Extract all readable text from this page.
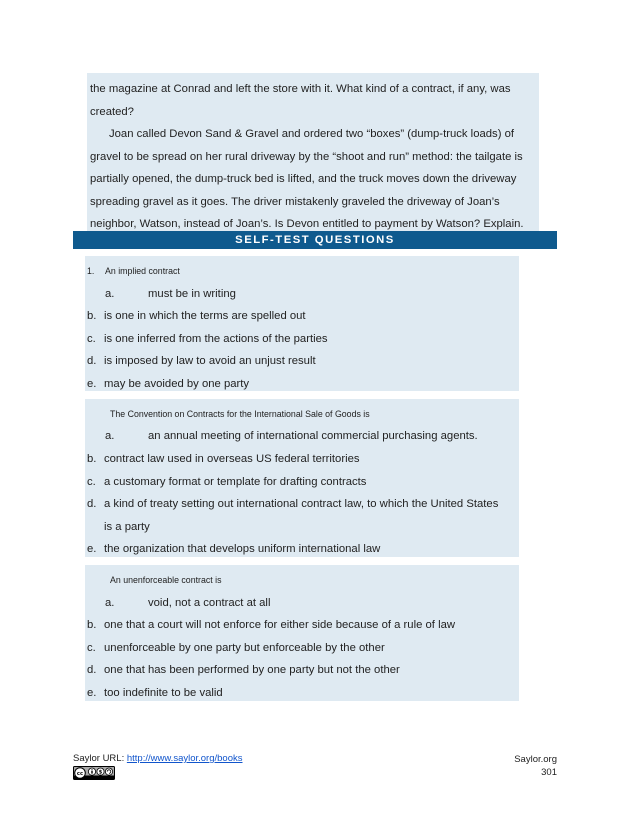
the magazine at Conrad and left the store with it. What kind of a contract, if any, was created?

Joan called Devon Sand & Gravel and ordered two “boxes” (dump-truck loads) of gravel to be spread on her rural driveway by the “shoot and run” method: the tailgate is partially opened, the dump-truck bed is lifted, and the truck moves down the driveway spreading gravel as it goes. The driver mistakenly graveled the driveway of Joan’s neighbor, Watson, instead of Joan’s. Is Devon entitled to payment by Watson? Explain.

SELF-TEST QUESTIONS
1. An implied contract
a.	must be in writing
b. is one in which the terms are spelled out
c. is one inferred from the actions of the parties
d. is imposed by law to avoid an unjust result
e. may be avoided by one party
The Convention on Contracts for the International Sale of Goods is
a.	an annual meeting of international commercial purchasing agents.
b. contract law used in overseas US federal territories
c. a customary format or template for drafting contracts
d. a kind of treaty setting out international contract law, to which the United States
is a party
e. the organization that develops uniform international law
An unenforceable contract is
a.	void, not a contract at all
b. one that a court will not enforce for either side because of a rule of law
c. unenforceable by one party but enforceable by the other
d. one that has been performed by one party but not the other
e. too indefinite to be valid
Saylor URL: http://www.saylor.org/books
cc	$
Saylor.org
301
